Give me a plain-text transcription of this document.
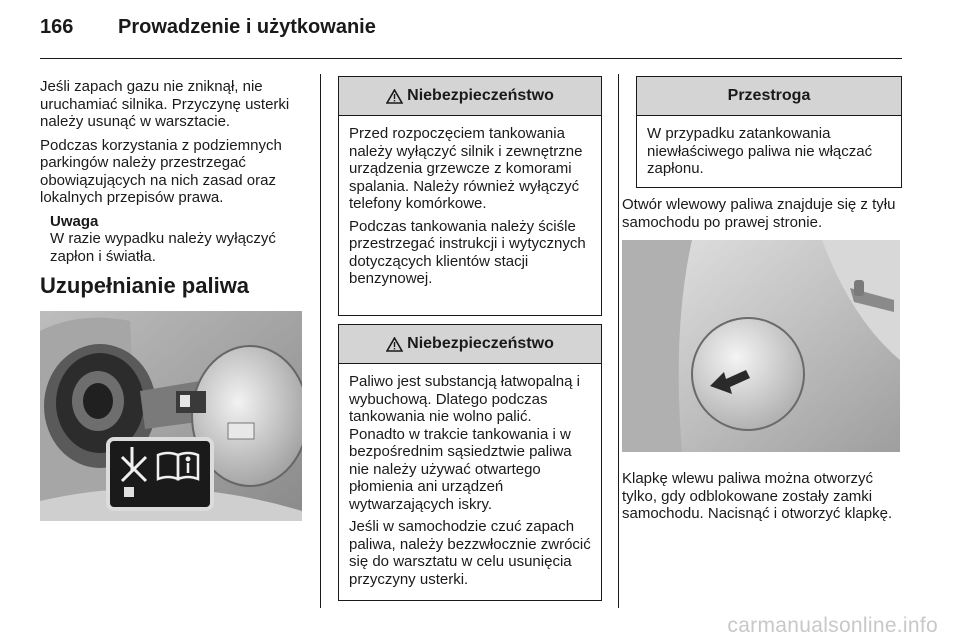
166 Prowadzenie i użytkowanie

Jeśli zapach gazu nie zniknął, nie uruchamiać silnika. Przyczynę usterki należy usunąć w warsztacie.

Podczas korzystania z podziemnych parkingów należy przestrzegać obowiązujących na nich zasad oraz lokalnych przepisów prawa.

Uwaga
W razie wypadku należy wyłączyć zapłon i światła.
Uzupełnianie paliwa
Niebezpieczeństwo

Przed rozpoczęciem tankowania należy wyłączyć silnik i zewnętrzne urządzenia grzewcze z komorami spalania. Należy również wyłączyć telefony komórkowe.

Podczas tankowania należy ściśle przestrzegać instrukcji i wytycznych dotyczących klientów stacji benzynowej.

Niebezpieczeństwo

Paliwo jest substancją łatwopalną i wybuchową. Dlatego podczas tankowania nie wolno palić. Ponadto w trakcie tankowania i w bezpośrednim sąsiedztwie paliwa nie należy używać otwartego płomienia ani urządzeń wytwarzających iskry.

Jeśli w samochodzie czuć zapach paliwa, należy bezzwłocznie zwrócić się do warsztatu w celu usunięcia przyczyny usterki.

Przestroga
W przypadku zatankowania niewłaściwego paliwa nie włączać zapłonu.

Otwór wlewowy paliwa znajduje się z tyłu samochodu po prawej stronie.

Klapkę wlewu paliwa można otworzyć tylko, gdy odblokowane zostały zamki samochodu. Nacisnąć i otworzyć klapkę.

carmanualsonline.info
